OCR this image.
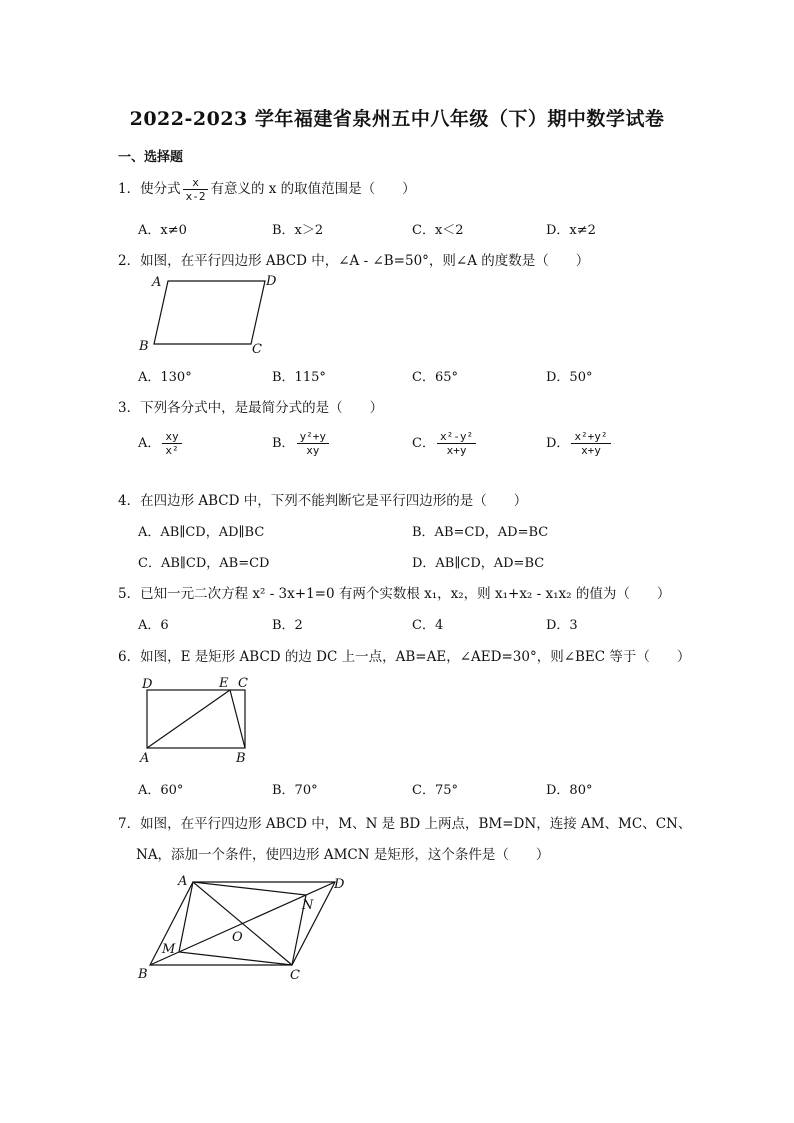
2022-2023 学年福建省泉州五中八年级（下）期中数学试卷
一、选择题
1．使分式 $\frac{x}{x-2}$ 有意义的 x 的取值范围是（　　）
A．x≠0	B．x＞2	C．x＜2	D．x≠2
2．如图，在平行四边形 ABCD 中，∠A - ∠B=50°，则∠A 的度数是（　　）
A	D
B	C
D	E C
A	B
A	D
N
O
M
B	C
A．130°	B．115°	C．65°	D．50°
3．下列各分式中，是最简分式的是（　　）
A． $\frac{xy}{\text{x²}}$	B． $\frac{\text{y²+y}}{xy}$	C． $\frac{\text{x²-y²}}{x+y}$	D． $\frac{\text{x²+y²}}{x+y}$
4．在四边形 ABCD 中，下列不能判断它是平行四边形的是（　　）
A．AB∥CD，AD∥BC	B．AB=CD，AD=BC
C．AB∥CD，AB=CD	D．AB∥CD，AD=BC
5．已知一元二次方程 x² - 3x+1=0 有两个实数根 x₁，x₂，则 x₁+x₂ - x₁x₂ 的值为（　　）
A．6	B．2	C．4	D．3
6．如图，E 是矩形 ABCD 的边 DC 上一点，AB=AE，∠AED=30°，则∠BEC 等于（　　）
A．60°	B．70°	C．75°	D．80°
7．如图，在平行四边形 ABCD 中，M、N 是 BD 上两点，BM=DN，连接 AM、MC、CN、
NA，添加一个条件，使四边形 AMCN 是矩形，这个条件是（　　）
